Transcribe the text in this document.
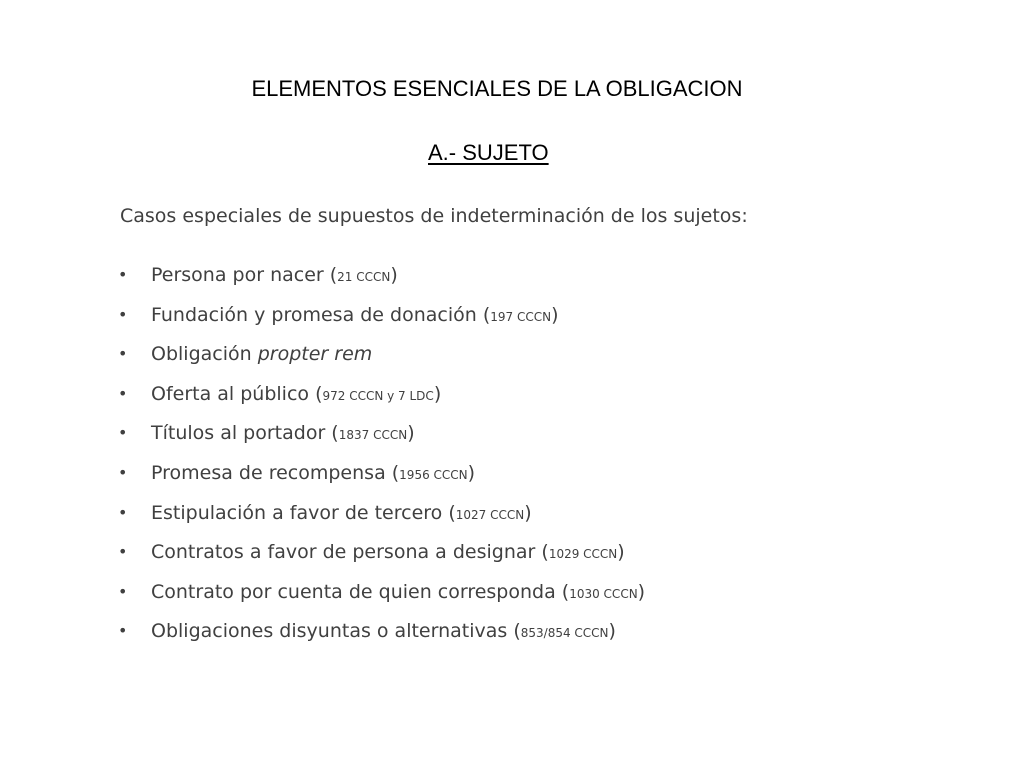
ELEMENTOS ESENCIALES DE LA OBLIGACION
A.- SUJETO
Casos especiales de supuestos de indeterminación de los sujetos:
• Persona por nacer (21 CCCN)
• Fundación y promesa de donación (197 CCCN)
• Obligación propter rem
• Oferta al público (972 CCCN y 7 LDC)
• Títulos al portador (1837 CCCN)
• Promesa de recompensa (1956 CCCN)
• Estipulación a favor de tercero (1027 CCCN)
• Contratos a favor de persona a designar (1029 CCCN)
• Contrato por cuenta de quien corresponda (1030 CCCN)
• Obligaciones disyuntas o alternativas (853/854 CCCN)
